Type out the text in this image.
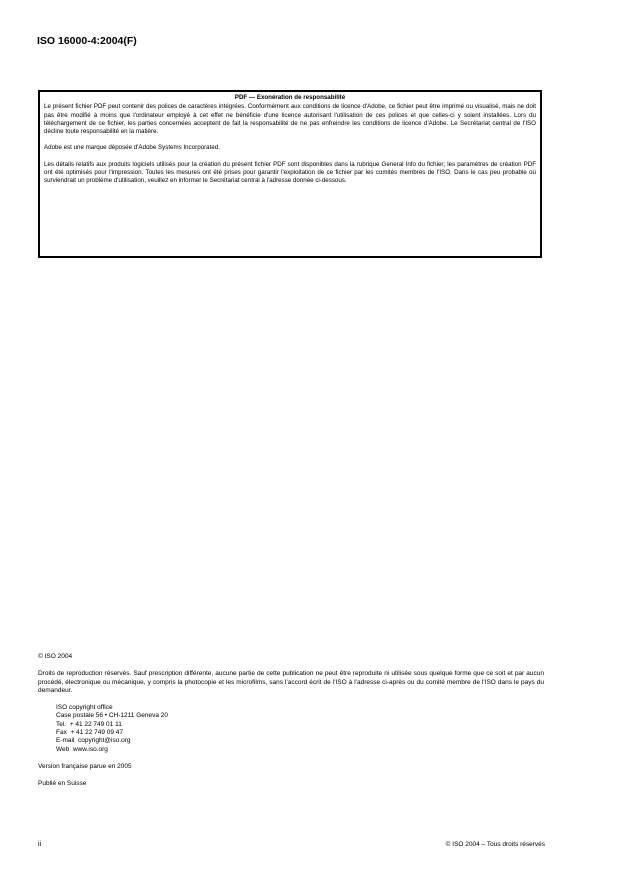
ISO 16000-4:2004(F)
PDF — Exonération de responsabilité

Le présent fichier PDF peut contenir des polices de caractères intégrées. Conformément aux conditions de licence d'Adobe, ce fichier peut être imprimé ou visualisé, mais ne doit pas être modifié à moins que l'ordinateur employé à cet effet ne bénéficie d'une licence autorisant l'utilisation de ces polices et que celles-ci y soient installées. Lors du téléchargement de ce fichier, les parties concernées acceptent de fait la responsabilité de ne pas enfreindre les conditions de licence d'Adobe. Le Secrétariat central de l'ISO décline toute responsabilité en la matière.

Adobe est une marque déposée d'Adobe Systems Incorporated.

Les détails relatifs aux produits logiciels utilisés pour la création du présent fichier PDF sont disponibles dans la rubrique General Info du fichier; les paramètres de création PDF ont été optimisés pour l'impression. Toutes les mesures ont été prises pour garantir l'exploitation de ce fichier par les comités membres de l'ISO. Dans le cas peu probable où surviendrait un problème d'utilisation, veuillez en informer le Secrétariat central à l'adresse donnée ci-dessous.

© ISO 2004
Droits de reproduction réservés. Sauf prescription différente, aucune partie de cette publication ne peut être reproduite ni utilisée sous quelque forme que ce soit et par aucun procédé, électronique ou mécanique, y compris la photocopie et les microfilms, sans l'accord écrit de l'ISO à l'adresse ci-après ou du comité membre de l'ISO dans le pays du demandeur.
ISO copyright office
Case postale 56 • CH-1211 Geneva 20
Tel.  + 41 22 749 01 11
Fax  + 41 22 749 09 47
E-mail  copyright@iso.org
Web  www.iso.org
Version française parue en 2005
Publié en Suisse
ii	© ISO 2004 – Tous droits réservés
